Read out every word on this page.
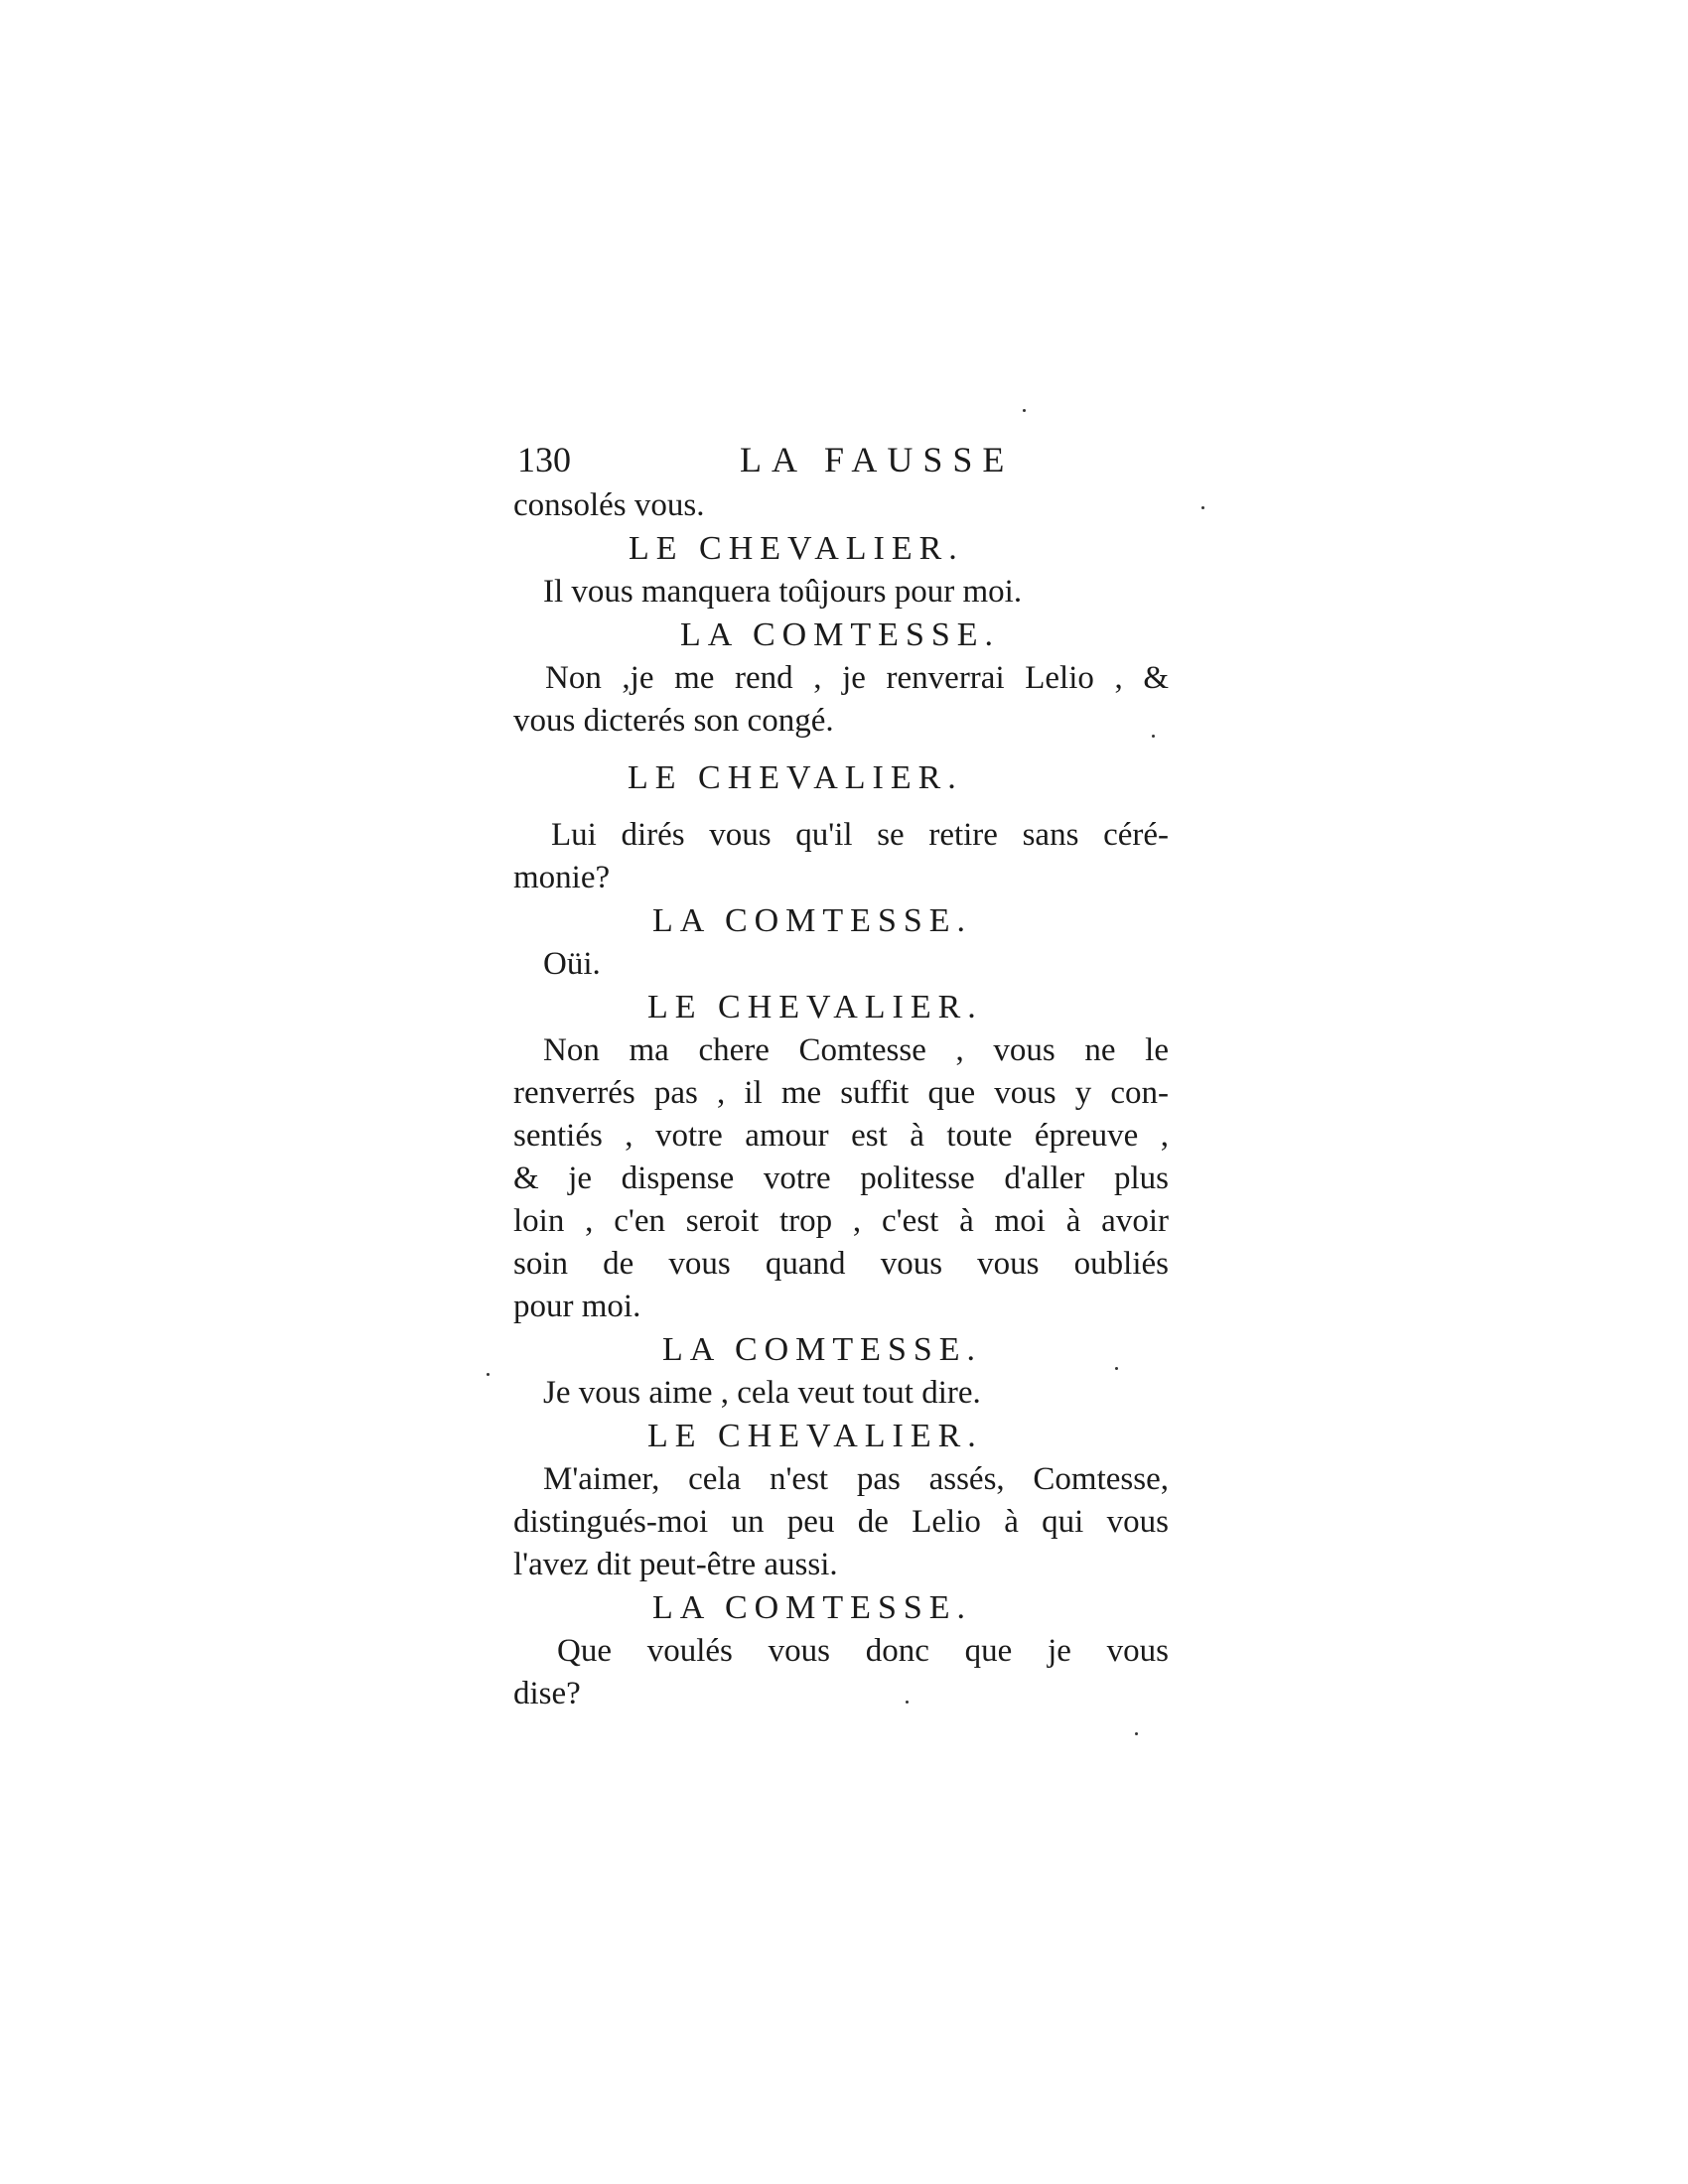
130	LA FAUSSE
consolés vous.
LE CHEVALIER.
Il vous manquera toûjours pour moi.
LA COMTESSE.
Non ,je me rend , je renverrai Lelio , &
vous dicterés son congé.
LE CHEVALIER.
Lui dirés vous qu'il se retire sans céré-
monie?
LA COMTESSE.
Oüi.
LE CHEVALIER.
Non ma chere Comtesse , vous ne le
renverrés pas , il me suffit que vous y con-
sentiés , votre amour est à toute épreuve ,
& je dispense votre politesse d'aller plus
loin , c'en seroit trop , c'est à moi à avoir
soin de vous quand vous vous oubliés
pour moi.
LA COMTESSE.
Je vous aime , cela veut tout dire.
LE CHEVALIER.
M'aimer, cela n'est pas assés, Comtesse,
distingués-moi un peu de Lelio à qui vous
l'avez dit peut-être aussi.
LA COMTESSE.
Que voulés vous donc que je vous
dise?
